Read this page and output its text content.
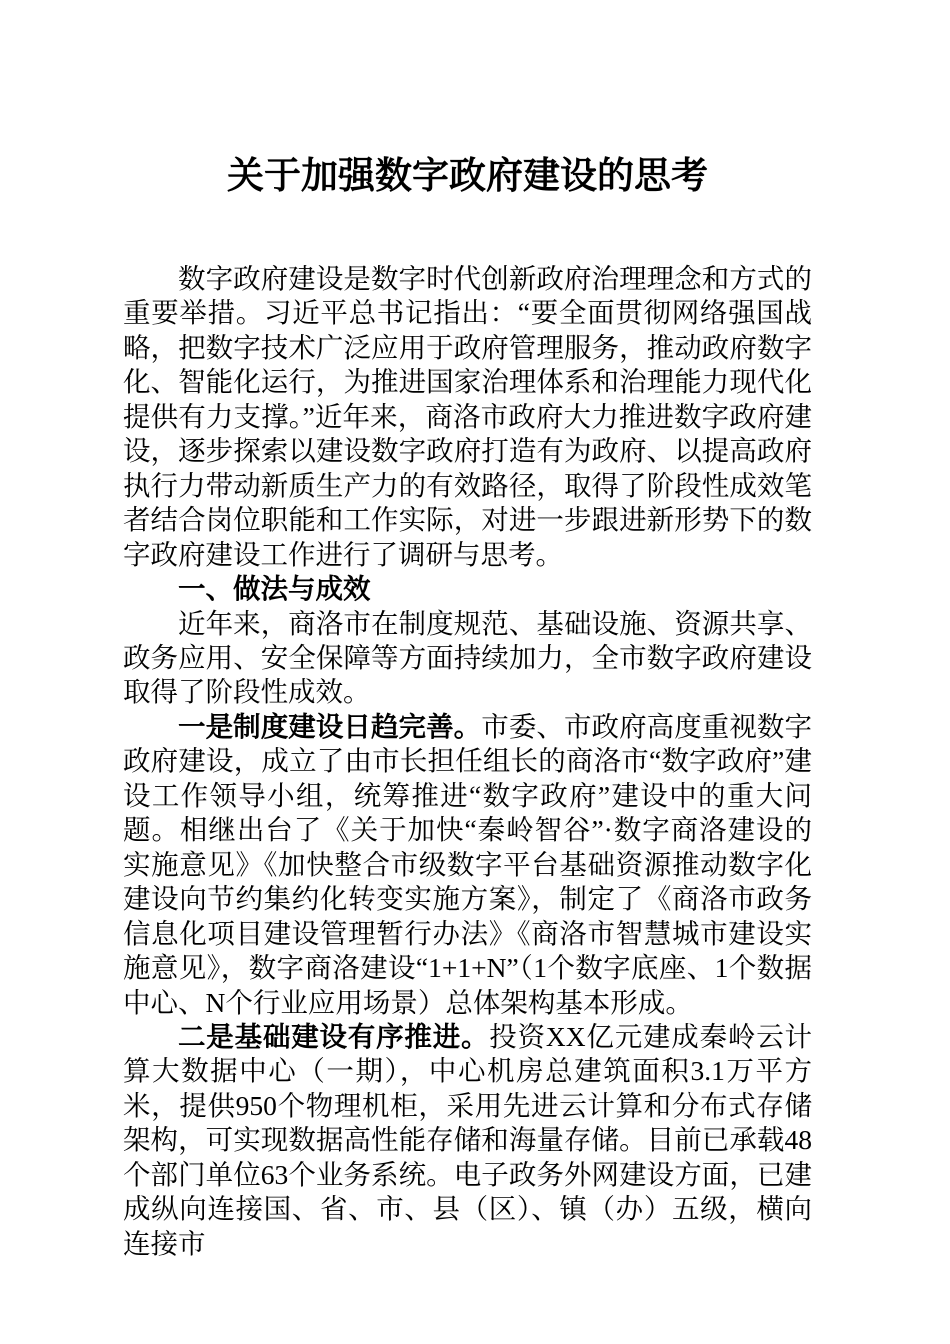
关于加强数字政府建设的思考

数字政府建设是数字时代创新政府治理理念和方式的重要举措。习近平总书记指出：“要全面贯彻网络强国战略，把数字技术广泛应用于政府管理服务，推动政府数字化、智能化运行，为推进国家治理体系和治理能力现代化提供有力支撑。”近年来，商洛市政府大力推进数字政府建设，逐步探索以建设数字政府打造有为政府、以提高政府执行力带动新质生产力的有效路径，取得了阶段性成效笔者结合岗位职能和工作实际，对进一步跟进新形势下的数字政府建设工作进行了调研与思考。

一、做法与成效

近年来，商洛市在制度规范、基础设施、资源共享、政务应用、安全保障等方面持续加力，全市数字政府建设取得了阶段性成效。

一是制度建设日趋完善。市委、市政府高度重视数字政府建设，成立了由市长担任组长的商洛市“数字政府”建设工作领导小组，统筹推进“数字政府”建设中的重大问题。相继出台了《关于加快“秦岭智谷”·数字商洛建设的实施意见》《加快整合市级数字平台基础资源推动数字化建设向节约集约化转变实施方案》，制定了《商洛市政务信息化项目建设管理暂行办法》《商洛市智慧城市建设实施意见》，数字商洛建设“1+1+N”（1个数字底座、1个数据中心、N个行业应用场景）总体架构基本形成。

二是基础建设有序推进。投资XX亿元建成秦岭云计算大数据中心（一期），中心机房总建筑面积3.1万平方米，提供950个物理机柜，采用先进云计算和分布式存储架构，可实现数据高性能存储和海量存储。目前已承载48个部门单位63个业务系统。电子政务外网建设方面，已建成纵向连接国、省、市、县（区）、镇（办）五级，横向连接市
